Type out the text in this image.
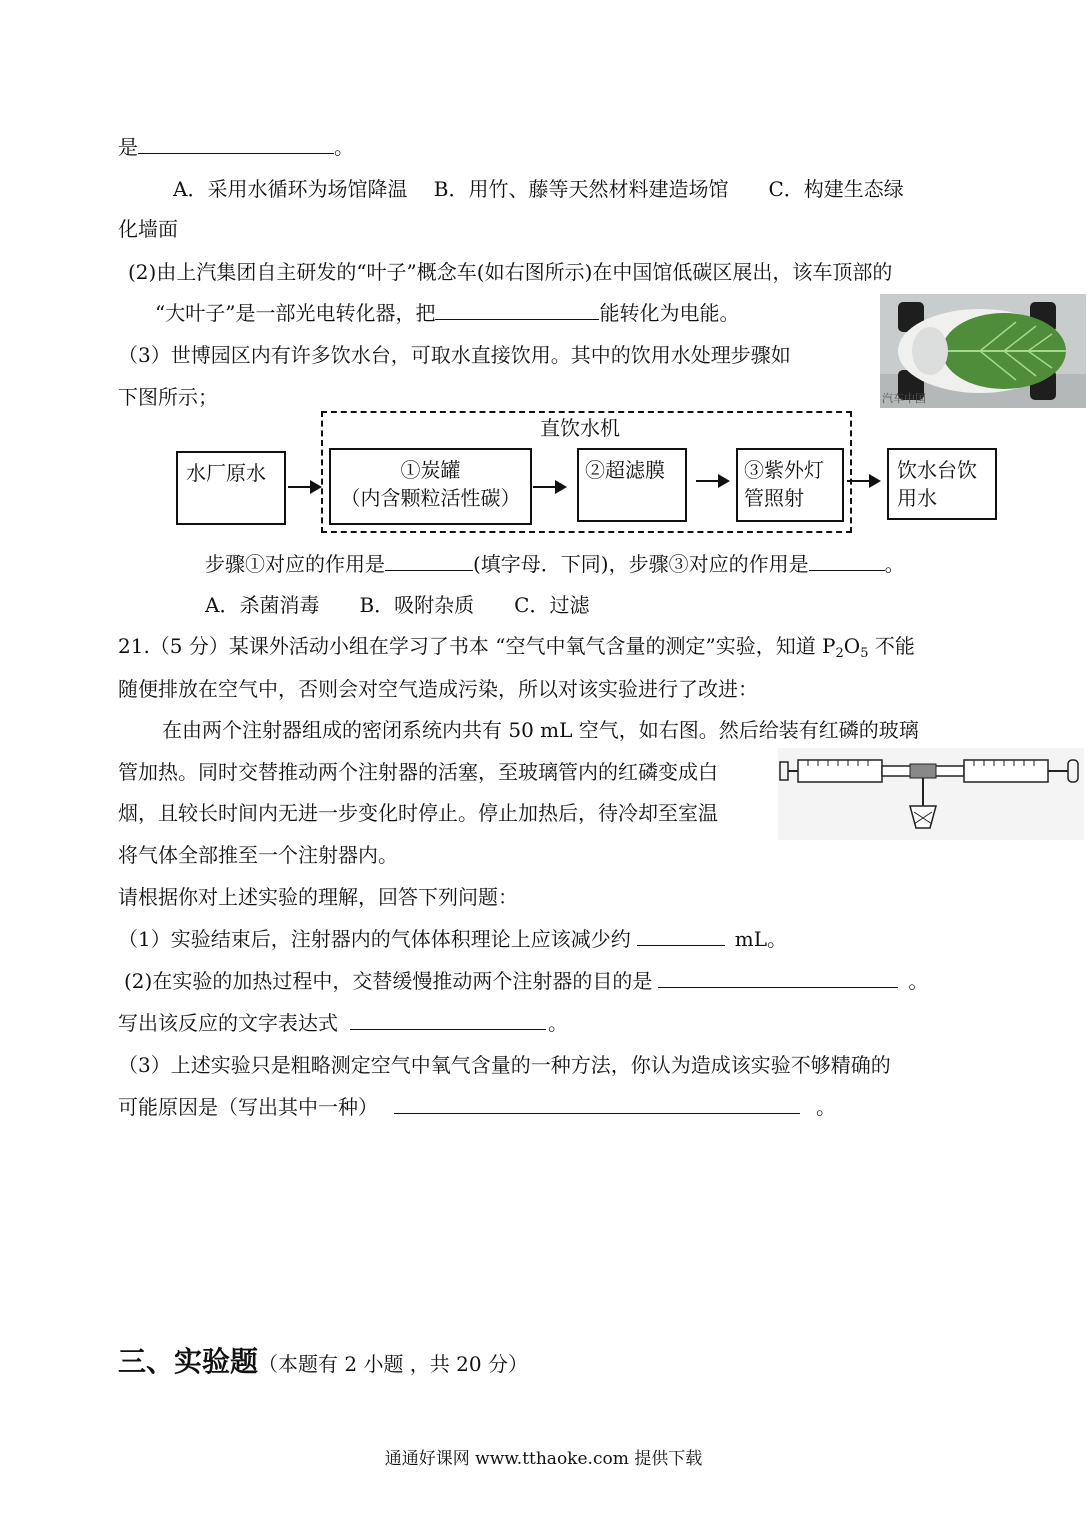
是	。
A．采用水循环为场馆降温　 B．用竹、藤等天然材料建造场馆　　C．构建生态绿
化墙面
(2)由上汽集团自主研发的“叶子”概念车(如右图所示)在中国馆低碳区展出，该车顶部的
“大叶子”是一部光电转化器，把	能转化为电能。
汽车中国
（3）世博园区内有许多饮水台，可取水直接饮用。其中的饮用水处理步骤如
下图所示；
直饮水机
水厂原水	①炭罐
（内含颗粒活性碳）
②超滤膜	③紫外灯
管照射
饮水台饮
用水
步骤①对应的作用是	(填字母．下同)，步骤③对应的作用是	。
A．杀菌消毒　　B．吸附杂质　　C．过滤
21.（5 分）某课外活动小组在学习了书本 “空气中氧气含量的测定”实验，知道 $P_2O_5$ 不能
随便排放在空气中，否则会对空气造成污染，所以对该实验进行了改进：
在由两个注射器组成的密闭系统内共有 50 mL 空气，如右图。然后给装有红磷的玻璃
管加热。同时交替推动两个注射器的活塞，至玻璃管内的红磷变成白
烟，且较长时间内无进一步变化时停止。停止加热后，待冷却至室温
将气体全部推至一个注射器内。
请根据你对上述实验的理解，回答下列问题：
（1）实验结束后，注射器内的气体体积理论上应该减少约	mL。
(2)在实验的加热过程中，交替缓慢推动两个注射器的目的是	。
写出该反应的文字表达式	。
（3）上述实验只是粗略测定空气中氧气含量的一种方法，你认为造成该实验不够精确的
可能原因是（写出其中一种）	。
三、实验题（本题有 2 小题 ，共 20 分）
通通好课网 www.tthaoke.com 提供下载
